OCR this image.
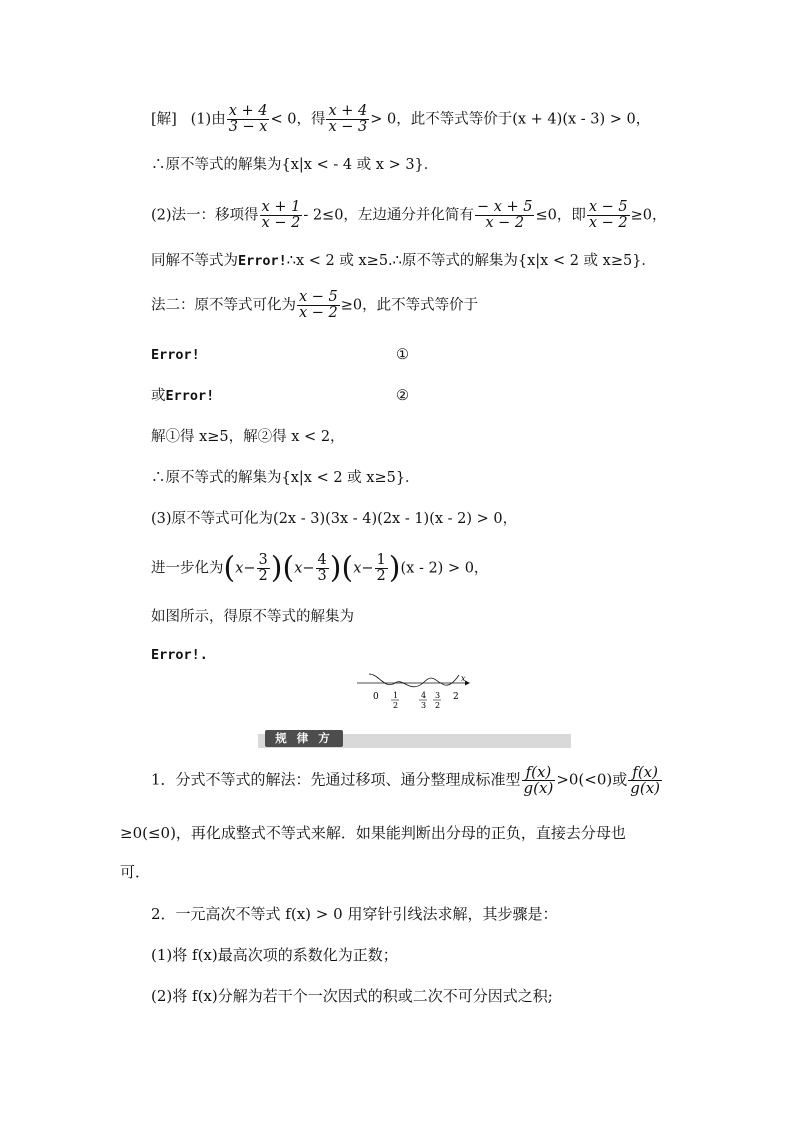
[解] (1)由 $\frac{x + 4}{3 - x} < 0$，得 $\frac{x + 4}{x - 3} > 0$，此不等式等价于(x + 4)(x - 3) > 0，
∴原不等式的解集为{x|x < - 4 或 x > 3}．
(2)法一：移项得 $\frac{x + 1}{x - 2} - 2\le 0$，左边通分并化简有 $\frac{- x + 5}{x - 2} \le 0$，即 $\frac{x - 5}{x - 2} \ge 0$，
同解不等式为Error!∴x < 2 或 x≥5.∴原不等式的解集为{x|x < 2 或 x≥5}．
法二：原不等式可化为 $\frac{x - 5}{x - 2} \ge 0$，此不等式等价于
Error!	①
或Error!	②
解①得 x≥5，解②得 x < 2，
∴原不等式的解集为{x|x < 2 或 x≥5}．
(3)原不等式可化为(2x - 3)(3x - 4)(2x - 1)(x - 2) > 0，
进一步化为$(x- \frac{3}{2} )(x- \frac{4}{3} )(x- \frac{1}{2} )(x - 2) > 0$，
如图所示，得原不等式的解集为
Error!.
0 1
2
4
3
3
2
2
x
规 律 方 法
1．分式不等式的解法：先通过移项、通分整理成标准型 $\frac{f(x)}{g(x)} >0(<0)$或 $\frac{f(x)}{g(x)}$
≥0(≤0)，再化成整式不等式来解．如果能判断出分母的正负，直接去分母也
可．
2．一元高次不等式 f(x) > 0 用穿针引线法求解，其步骤是：
(1)将 f(x)最高次项的系数化为正数；
(2)将 f(x)分解为若干个一次因式的积或二次不可分因式之积;
